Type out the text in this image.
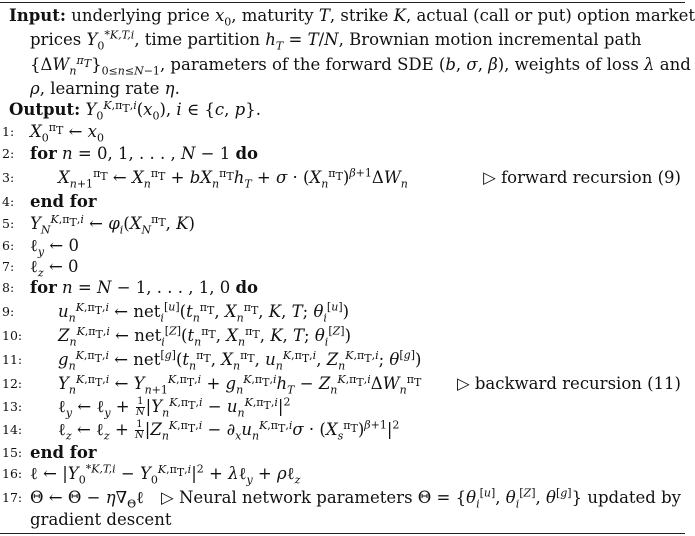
Input: underlying price $x_0$, maturity T, strike K, actual (call or put) option market
prices $Y_0^{*K,T,i}$, time partition $h_T = T/N$, Brownian motion incremental path
$\{\Delta W_n^{\pi_T}\}_{0\le n\le N-1}$, parameters of the forward SDE (b, σ, β), weights of loss λ and
ρ, learning rate η.
Output: $Y_0^{K,\pi_T,i}(x_0)$, i ∈ {c, p}.
1: $X_0^{\pi_T}$ ← $x_0$
2: for n = 0, 1, . . . , N − 1 do
3:	$X_{n+1}^{\pi_T}$ ← $X_n^{\pi_T} + bX_n^{\pi_T}h_T + \sigma \cdot (X_n^{\pi_T})^{\beta+1}\Delta W_n$	▷ forward recursion (9)
4: end for
5: $Y_N^{K,\pi_T,i}$ ← $\varphi_i(X_N^{\pi_T}$, K)
6: ℓ$_y$ ← 0
7: ℓ$_z$ ← 0
8: for n = N − 1, . . . , 1, 0 do
9:	$u_n^{K,\pi_T,i}$ ← $net_i[u](t_n^{\pi_T}$, $X_n^{\pi_T}$, K, T; $\theta_i[u]$)
10: $Z_n^{K,\pi_T,i}$ ← $net_i[Z](t_n^{\pi_T}$, $X_n^{\pi_T}$, K, T; $\theta_i[Z]$)
11: $g_n^{K,\pi_T,i}$ ← $net[g](t_n^{\pi_T}$, $X_n^{\pi_T}$, $u_n^{K,\pi_T,i}$, $Z_n^{K,\pi_T,i}$; θ[g])
12: $Y_n^{K,\pi_T,i}$ ← $Y_{n+1}^{K,\pi_T,i} + g_n^{K,\pi_T,i}h_T - Z_n^{K,\pi_T,i}\Delta W_n^{\pi_T}$ ▷ backward recursion (11)
13: ℓ$_y$ ← ℓ$_y$ + $\frac{1}{N} |Y_n^{K,\pi_T,i} - u_n^{K,\pi_T,i}|^2$
14: ℓ$_z$ ← ℓ$_z$ + $\frac{1}{N} |Z_n^{K,\pi_T,i} - \partial_xu_n^{K,\pi_T,i}\sigma \cdot (X_s^{\pi_T})^{\beta+1}|^2$
15: end for
16: ℓ ← $|Y_0^{*K,T,i} - Y_0^{K,\pi_T,i}|^2$ + λℓ$_y$ + ρℓ$_z$
17: Θ ← $\Theta - \eta\nabla_\Theta\ell$ ▷ Neural network parameters $\Theta = \{\theta_i[u]$, $\theta_i[Z]$, θ[g]} updated by
gradient descent
